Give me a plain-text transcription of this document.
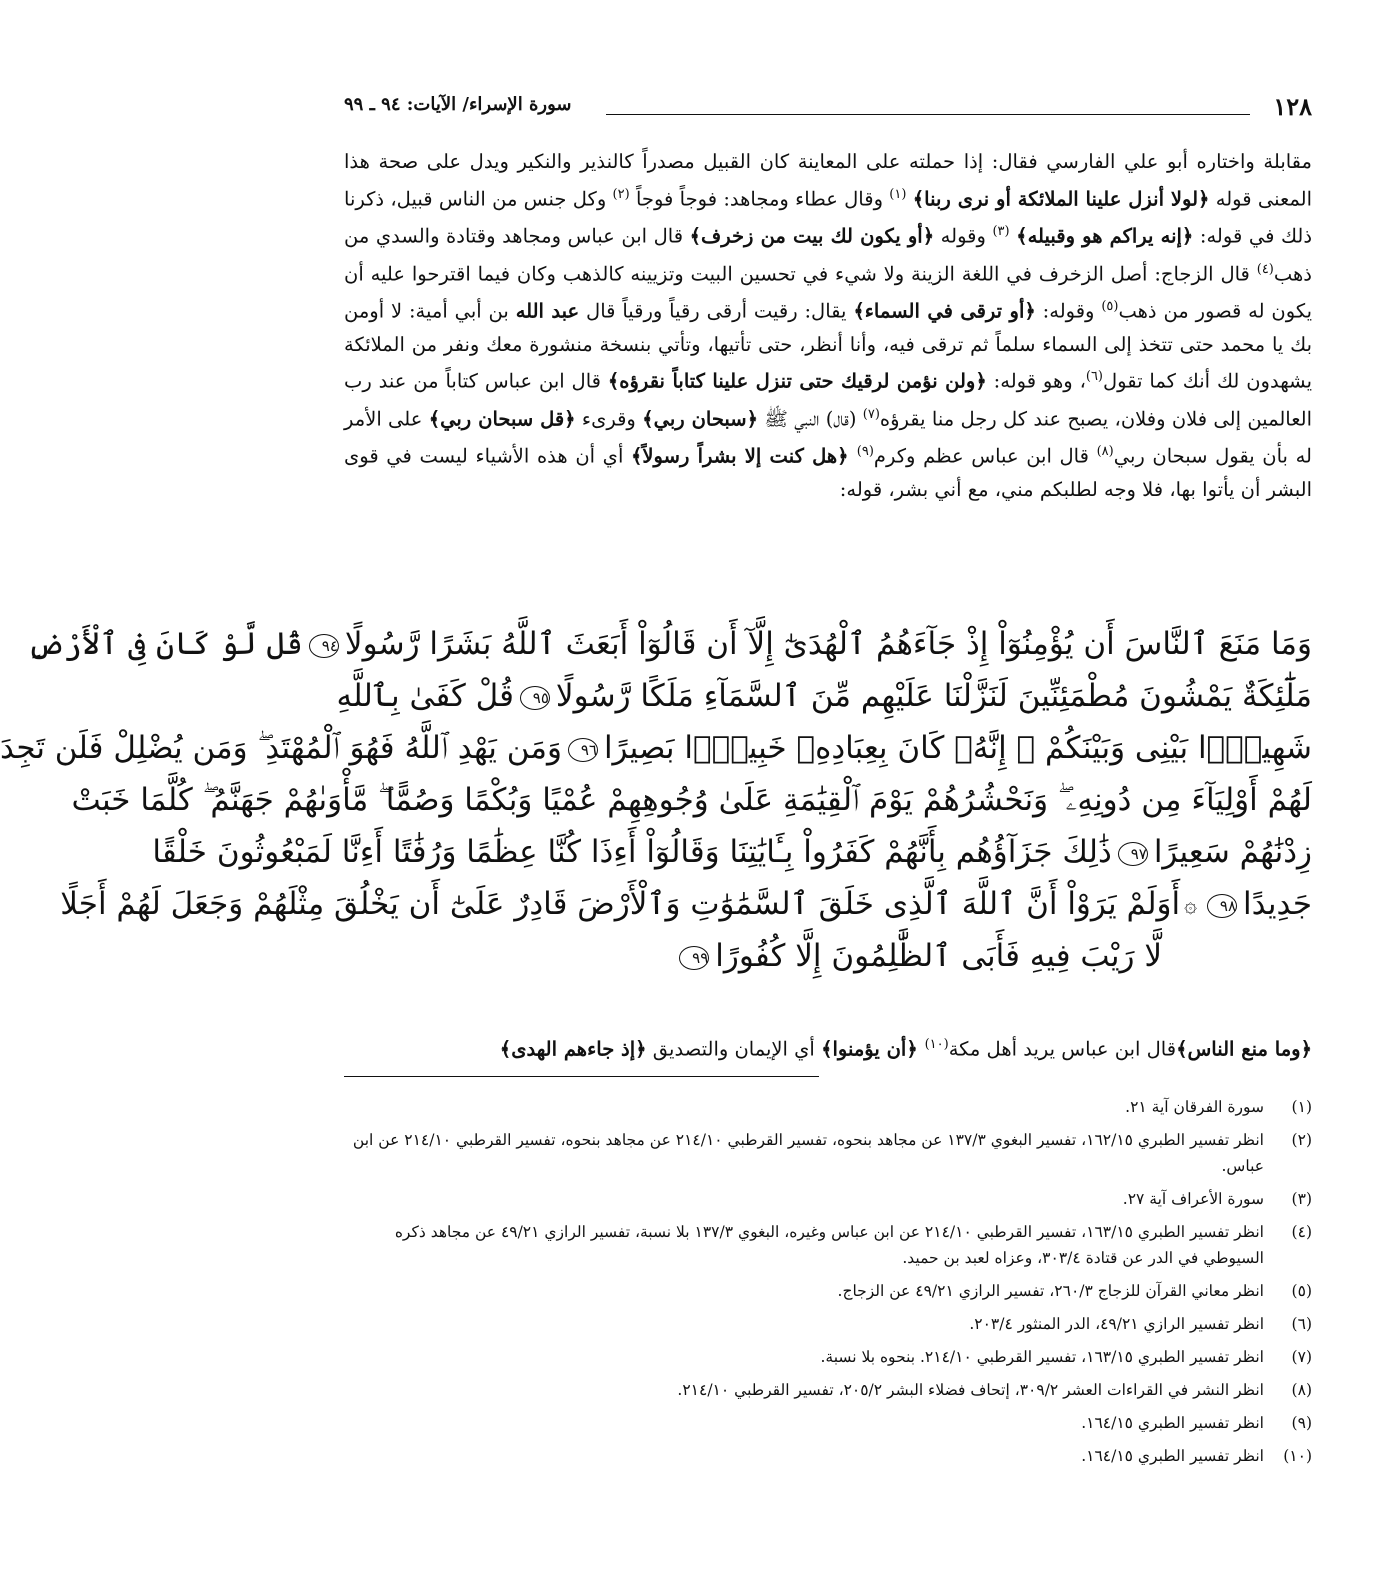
١٢٨
سورة الإسراء/ الآيات: ٩٤ ـ ٩٩

مقابلة واختاره أبو علي الفارسي فقال: إذا حملته على المعاينة كان القبيل مصدراً كالنذير والنكير ويدل على صحة هذا المعنى قوله ﴿لولا أنزل علينا الملائكة أو نرى ربنا﴾ $^{(١)}$ وقال عطاء ومجاهد: فوجاً فوجاً $^{(٢)}$ وكل جنس من الناس قبيل، ذكرنا ذلك في قوله: ﴿إنه يراكم هو وقبيله﴾ $^{(٣)}$ وقوله ﴿أو يكون لك بيت من زخرف﴾ قال ابن عباس ومجاهد وقتادة والسدي من ذهب$^{(٤)}$ قال الزجاج: أصل الزخرف في اللغة الزينة ولا شيء في تحسين البيت وتزيينه كالذهب وكان فيما اقترحوا عليه أن يكون له قصور من ذهب$^{(٥)}$ وقوله: ﴿أو ترقى في السماء﴾ يقال: رقيت أرقى رقياً ورقياً قال عبد الله بن أبي أمية: لا أومن بك يا محمد حتى تتخذ إلى السماء سلماً ثم ترقى فيه، وأنا أنظر، حتى تأتيها، وتأتي بنسخة منشورة معك ونفر من الملائكة يشهدون لك أنك كما تقول$^{(٦)}$، وهو قوله: ﴿ولن نؤمن لرقيك حتى تنزل علينا كتاباً نقرؤه﴾ قال ابن عباس كتاباً من عند رب العالمين إلى فلان وفلان، يصبح عند كل رجل منا يقرؤه$^{(٧)}$ (قال) النبي ﷺ ﴿سبحان ربي﴾ وقرىء ﴿قل سبحان ربي﴾ على الأمر له بأن يقول سبحان ربي$^{(٨)}$ قال ابن عباس عظم وكرم$^{(٩)}$ ﴿هل كنت إلا بشراً رسولاً﴾ أي أن هذه الأشياء ليست في قوى البشر أن يأتوا بها، فلا وجه لطلبكم مني، مع أني بشر، قوله:

وَمَا مَنَعَ ٱلنَّاسَ أَن يُؤْمِنُوٓاْ إِذْ جَآءَهُمُ ٱلْهُدَىٰٓ إِلَّآ أَن قَالُوٓاْ أَبَعَثَ ٱللَّهُ بَشَرًا رَّسُولًا٩٤قُل لَّوْ كَانَ فِى ٱلْأَرْضِ
مَلَٰٓئِكَةٌ يَمْشُونَ مُطْمَئِنِّينَ لَنَزَّلْنَا عَلَيْهِم مِّنَ ٱلسَّمَآءِ مَلَكًا رَّسُولًا٩٥قُلْ كَفَىٰ بِٱللَّهِ
شَهِيدًۢا بَيْنِى وَبَيْنَكُمْ ۚ إِنَّهُۥ كَانَ بِعِبَادِهِۦ خَبِيرًۢا بَصِيرًا٩٦وَمَن يَهْدِ ٱللَّهُ فَهُوَ ٱلْمُهْتَدِ ۖ وَمَن يُضْلِلْ فَلَن تَجِدَ
لَهُمْ أَوْلِيَآءَ مِن دُونِهِۦ ۖ وَنَحْشُرُهُمْ يَوْمَ ٱلْقِيَٰمَةِ عَلَىٰ وُجُوهِهِمْ عُمْيًا وَبُكْمًا وَصُمًّا ۖ مَّأْوَىٰهُمْ جَهَنَّمُ ۖ كُلَّمَا خَبَتْ
زِدْنَٰهُمْ سَعِيرًا٩٧ذَٰلِكَ جَزَآؤُهُم بِأَنَّهُمْ كَفَرُواْ بِـَٔايَٰتِنَا وَقَالُوٓاْ أَءِذَا كُنَّا عِظَٰمًا وَرُفَٰتًا أَءِنَّا لَمَبْعُوثُونَ خَلْقًا
جَدِيدًا٩٨۞أَوَلَمْ يَرَوْاْ أَنَّ ٱللَّهَ ٱلَّذِى خَلَقَ ٱلسَّمَٰوَٰتِ وَٱلْأَرْضَ قَادِرٌ عَلَىٰٓ أَن يَخْلُقَ مِثْلَهُمْ وَجَعَلَ لَهُمْ أَجَلًا
لَّا رَيْبَ فِيهِ فَأَبَى ٱلظَّٰلِمُونَ إِلَّا كُفُورًا٩٩
﴿وما منع الناس﴾قال ابن عباس يريد أهل مكة$^{(١٠)}$ ﴿أن يؤمنوا﴾ أي الإيمان والتصديق ﴿إذ جاءهم الهدى﴾
(١)
سورة الفرقان آية ٢١.
(٢)
انظر تفسير الطبري ١٦٢/١٥، تفسير البغوي ١٣٧/٣ عن مجاهد بنحوه، تفسير القرطبي ٢١٤/١٠ عن مجاهد بنحوه، تفسير القرطبي ٢١٤/١٠ عن ابن عباس.
(٣)
سورة الأعراف آية ٢٧.
(٤)
انظر تفسير الطبري ١٦٣/١٥، تفسير القرطبي ٢١٤/١٠ عن ابن عباس وغيره، البغوي ١٣٧/٣ بلا نسبة، تفسير الرازي ٤٩/٢١ عن مجاهد ذكره السيوطي في الدر عن قتادة ٣٠٣/٤، وعزاه لعبد بن حميد.
(٥)
انظر معاني القرآن للزجاج ٢٦٠/٣، تفسير الرازي ٤٩/٢١ عن الزجاج.
(٦)
انظر تفسير الرازي ٤٩/٢١، الدر المنثور ٢٠٣/٤.
(٧)
انظر تفسير الطبري ١٦٣/١٥، تفسير القرطبي ٢١٤/١٠. بنحوه بلا نسبة.
(٨)
انظر النشر في القراءات العشر ٣٠٩/٢، إتحاف فضلاء البشر ٢٠٥/٢، تفسير القرطبي ٢١٤/١٠.
(٩)
انظر تفسير الطبري ١٦٤/١٥.
(١٠)
انظر تفسير الطبري ١٦٤/١٥.
